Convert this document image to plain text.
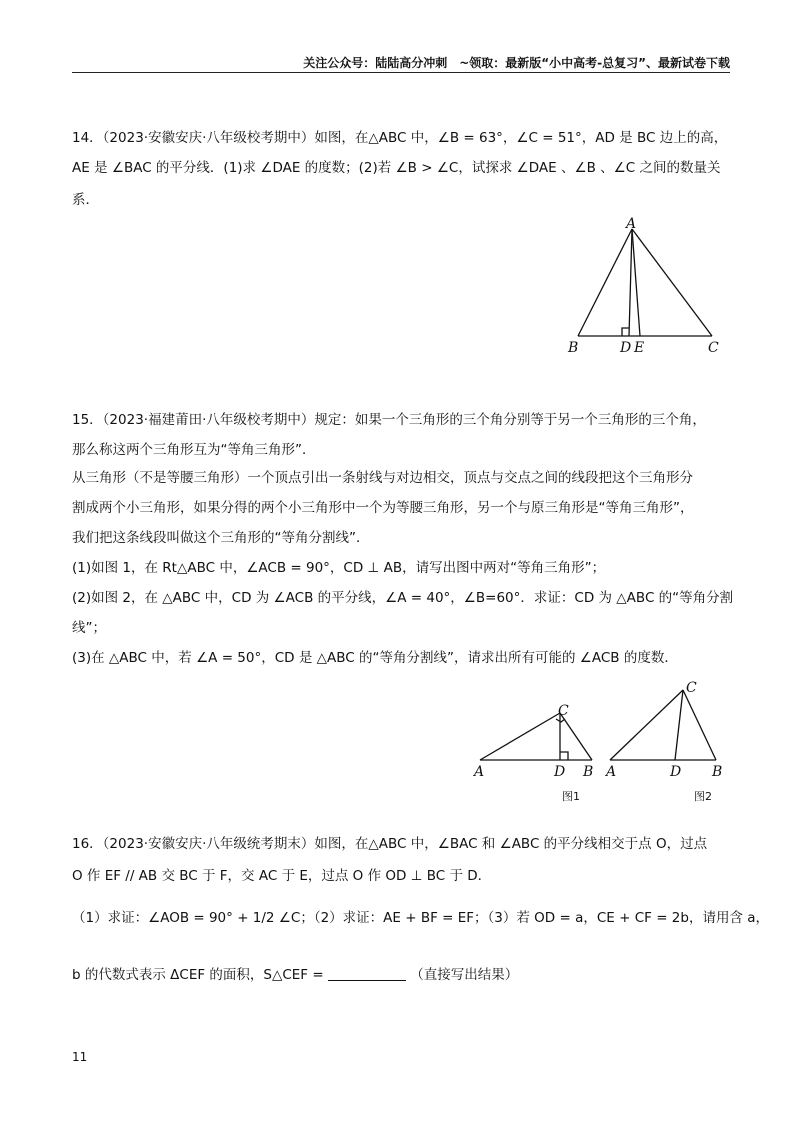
关注公众号：陆陆高分冲刺　~领取：最新版“小中高考-总复习”、最新试卷下载
14．（2023·安徽安庆·八年级校考期中）如图，在△ABC 中，∠B = 63°，∠C = 51°，AD 是 BC 边上的高，
AE 是 ∠BAC 的平分线．(1)求 ∠DAE 的度数；(2)若 ∠B > ∠C，试探求 ∠DAE 、∠B 、∠C 之间的数量关
系．
A
B	D E	C
15．（2023·福建莆田·八年级校考期中）规定：如果一个三角形的三个角分别等于另一个三角形的三个角，
那么称这两个三角形互为“等角三角形”．
从三角形（不是等腰三角形）一个顶点引出一条射线与对边相交，顶点与交点之间的线段把这个三角形分
割成两个小三角形，如果分得的两个小三角形中一个为等腰三角形，另一个与原三角形是“等角三角形”，
我们把这条线段叫做这个三角形的“等角分割线”．
(1)如图 1，在 Rt△ABC 中，∠ACB = 90°，CD ⊥ AB，请写出图中两对“等角三角形”；
(2)如图 2，在 △ABC 中，CD 为 ∠ACB 的平分线，∠A = 40°，∠B=60°．求证：CD 为 △ABC 的“等角分割
线”；
(3)在 △ABC 中，若 ∠A = 50°，CD 是 △ABC 的“等角分割线”，请求出所有可能的 ∠ACB 的度数．
A	D B
C
图1
C
A	D B
图2
16．（2023·安徽安庆·八年级统考期末）如图，在△ABC 中，∠BAC 和 ∠ABC 的平分线相交于点 O，过点
O 作 EF // AB 交 BC 于 F，交 AC 于 E，过点 O 作 OD ⊥ BC 于 D．
（1）求证：∠AOB = 90° + 1/2 ∠C；（2）求证：AE + BF = EF；（3）若 OD = a，CE + CF = 2b，请用含 a，
b 的代数式表示 ΔCEF 的面积，S△CEF =	（直接写出结果）
11
